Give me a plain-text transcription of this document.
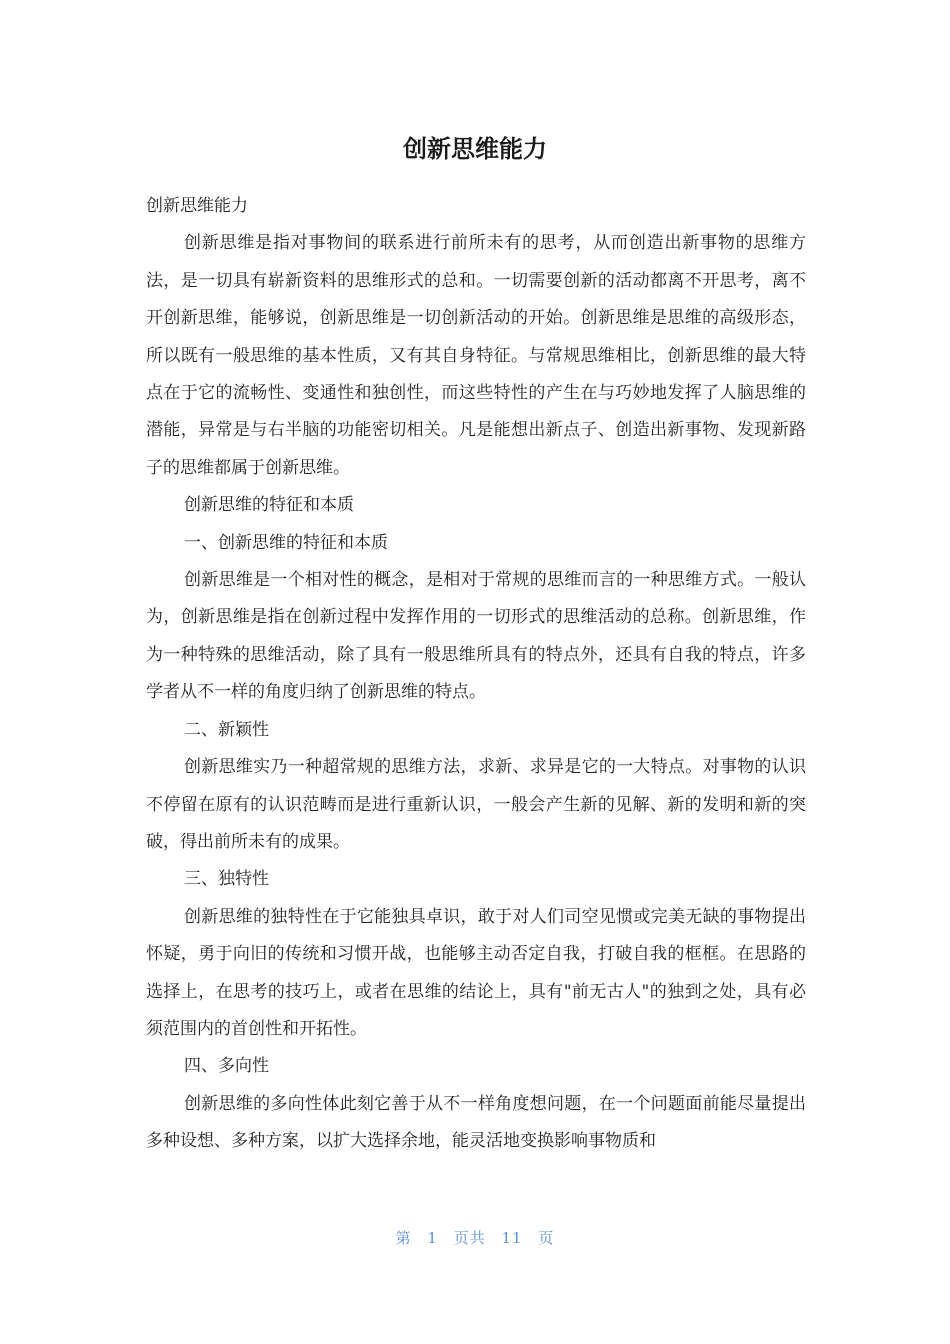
创新思维能力

创新思维能力

创新思维是指对事物间的联系进行前所未有的思考，从而创造出新事物的思维方法，是一切具有崭新资料的思维形式的总和。一切需要创新的活动都离不开思考，离不开创新思维，能够说，创新思维是一切创新活动的开始。创新思维是思维的高级形态，所以既有一般思维的基本性质，又有其自身特征。与常规思维相比，创新思维的最大特点在于它的流畅性、变通性和独创性，而这些特性的产生在与巧妙地发挥了人脑思维的潜能，异常是与右半脑的功能密切相关。凡是能想出新点子、创造出新事物、发现新路子的思维都属于创新思维。

创新思维的特征和本质

一、创新思维的特征和本质

创新思维是一个相对性的概念，是相对于常规的思维而言的一种思维方式。一般认为，创新思维是指在创新过程中发挥作用的一切形式的思维活动的总称。创新思维，作为一种特殊的思维活动，除了具有一般思维所具有的特点外，还具有自我的特点，许多学者从不一样的角度归纳了创新思维的特点。

二、新颖性

创新思维实乃一种超常规的思维方法，求新、求异是它的一大特点。对事物的认识不停留在原有的认识范畴而是进行重新认识，一般会产生新的见解、新的发明和新的突破，得出前所未有的成果。

三、独特性

创新思维的独特性在于它能独具卓识，敢于对人们司空见惯或完美无缺的事物提出怀疑，勇于向旧的传统和习惯开战，也能够主动否定自我，打破自我的框框。在思路的选择上，在思考的技巧上，或者在思维的结论上，具有"前无古人"的独到之处，具有必须范围内的首创性和开拓性。

四、多向性

创新思维的多向性体此刻它善于从不一样角度想问题，在一个问题面前能尽量提出多种设想、多种方案，以扩大选择余地，能灵活地变换影响事物质和

第 1 页共 11 页
